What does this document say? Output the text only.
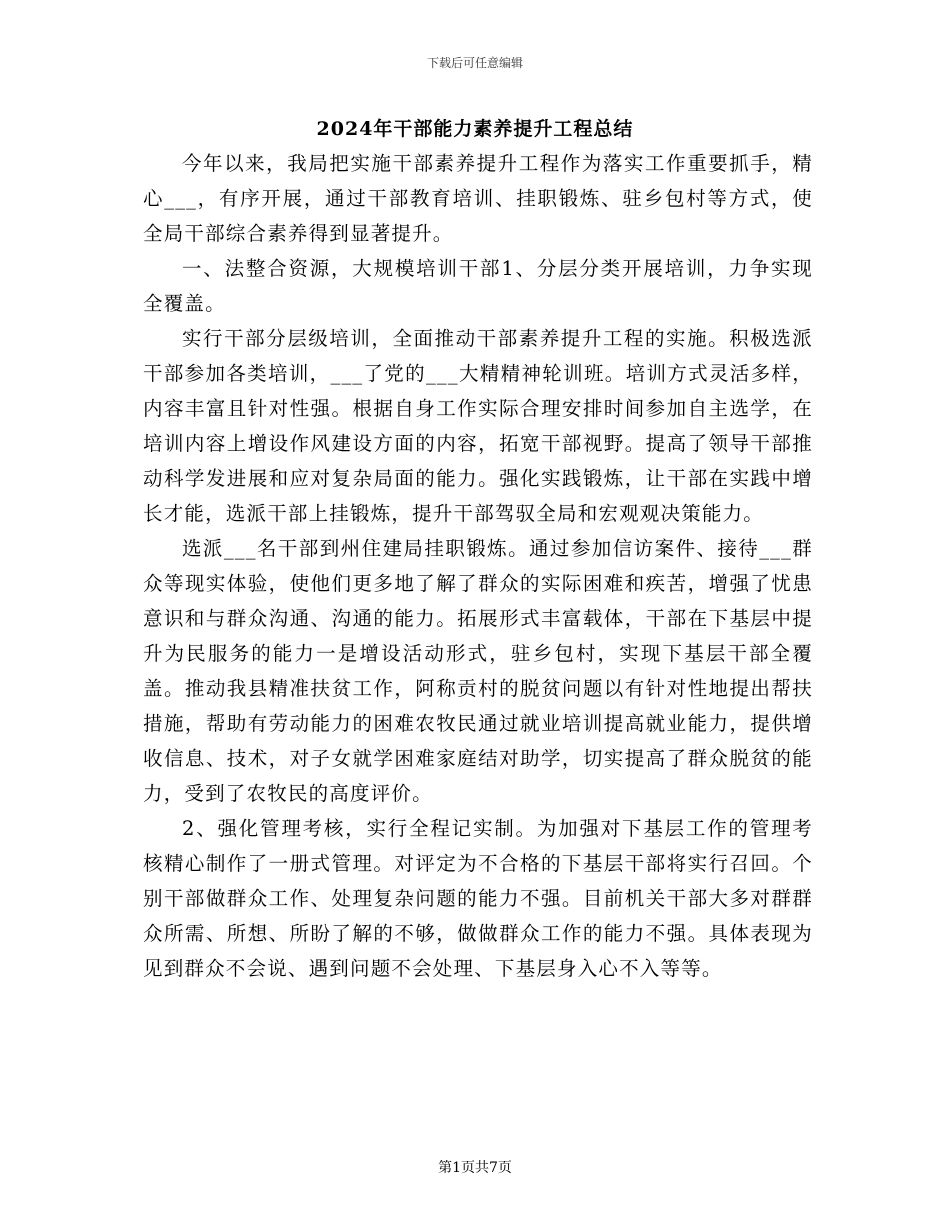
下载后可任意编辑
2024年干部能力素养提升工程总结

今年以来，我局把实施干部素养提升工程作为落实工作重要抓手，精心___，有序开展，通过干部教育培训、挂职锻炼、驻乡包村等方式，使全局干部综合素养得到显著提升。

一、法整合资源，大规模培训干部1、分层分类开展培训，力争实现全覆盖。

实行干部分层级培训，全面推动干部素养提升工程的实施。积极选派干部参加各类培训，___了党的___大精精神轮训班。培训方式灵活多样，内容丰富且针对性强。根据自身工作实际合理安排时间参加自主选学，在培训内容上增设作风建设方面的内容，拓宽干部视野。提高了领导干部推动科学发进展和应对复杂局面的能力。强化实践锻炼，让干部在实践中增长才能，选派干部上挂锻炼，提升干部驾驭全局和宏观观决策能力。

选派___名干部到州住建局挂职锻炼。通过参加信访案件、接待___群众等现实体验，使他们更多地了解了群众的实际困难和疾苦，增强了忧患意识和与群众沟通、沟通的能力。拓展形式丰富载体，干部在下基层中提升为民服务的能力一是增设活动形式，驻乡包村，实现下基层干部全覆盖。推动我县精准扶贫工作，阿称贡村的脱贫问题以有针对性地提出帮扶措施，帮助有劳动能力的困难农牧民通过就业培训提高就业能力，提供增收信息、技术，对子女就学困难家庭结对助学，切实提高了群众脱贫的能力，受到了农牧民的高度评价。

2、强化管理考核，实行全程记实制。为加强对下基层工作的管理考核精心制作了一册式管理。对评定为不合格的下基层干部将实行召回。个别干部做群众工作、处理复杂问题的能力不强。目前机关干部大多对群群众所需、所想、所盼了解的不够，做做群众工作的能力不强。具体表现为见到群众不会说、遇到问题不会处理、下基层身入心不入等等。

第1页共7页
